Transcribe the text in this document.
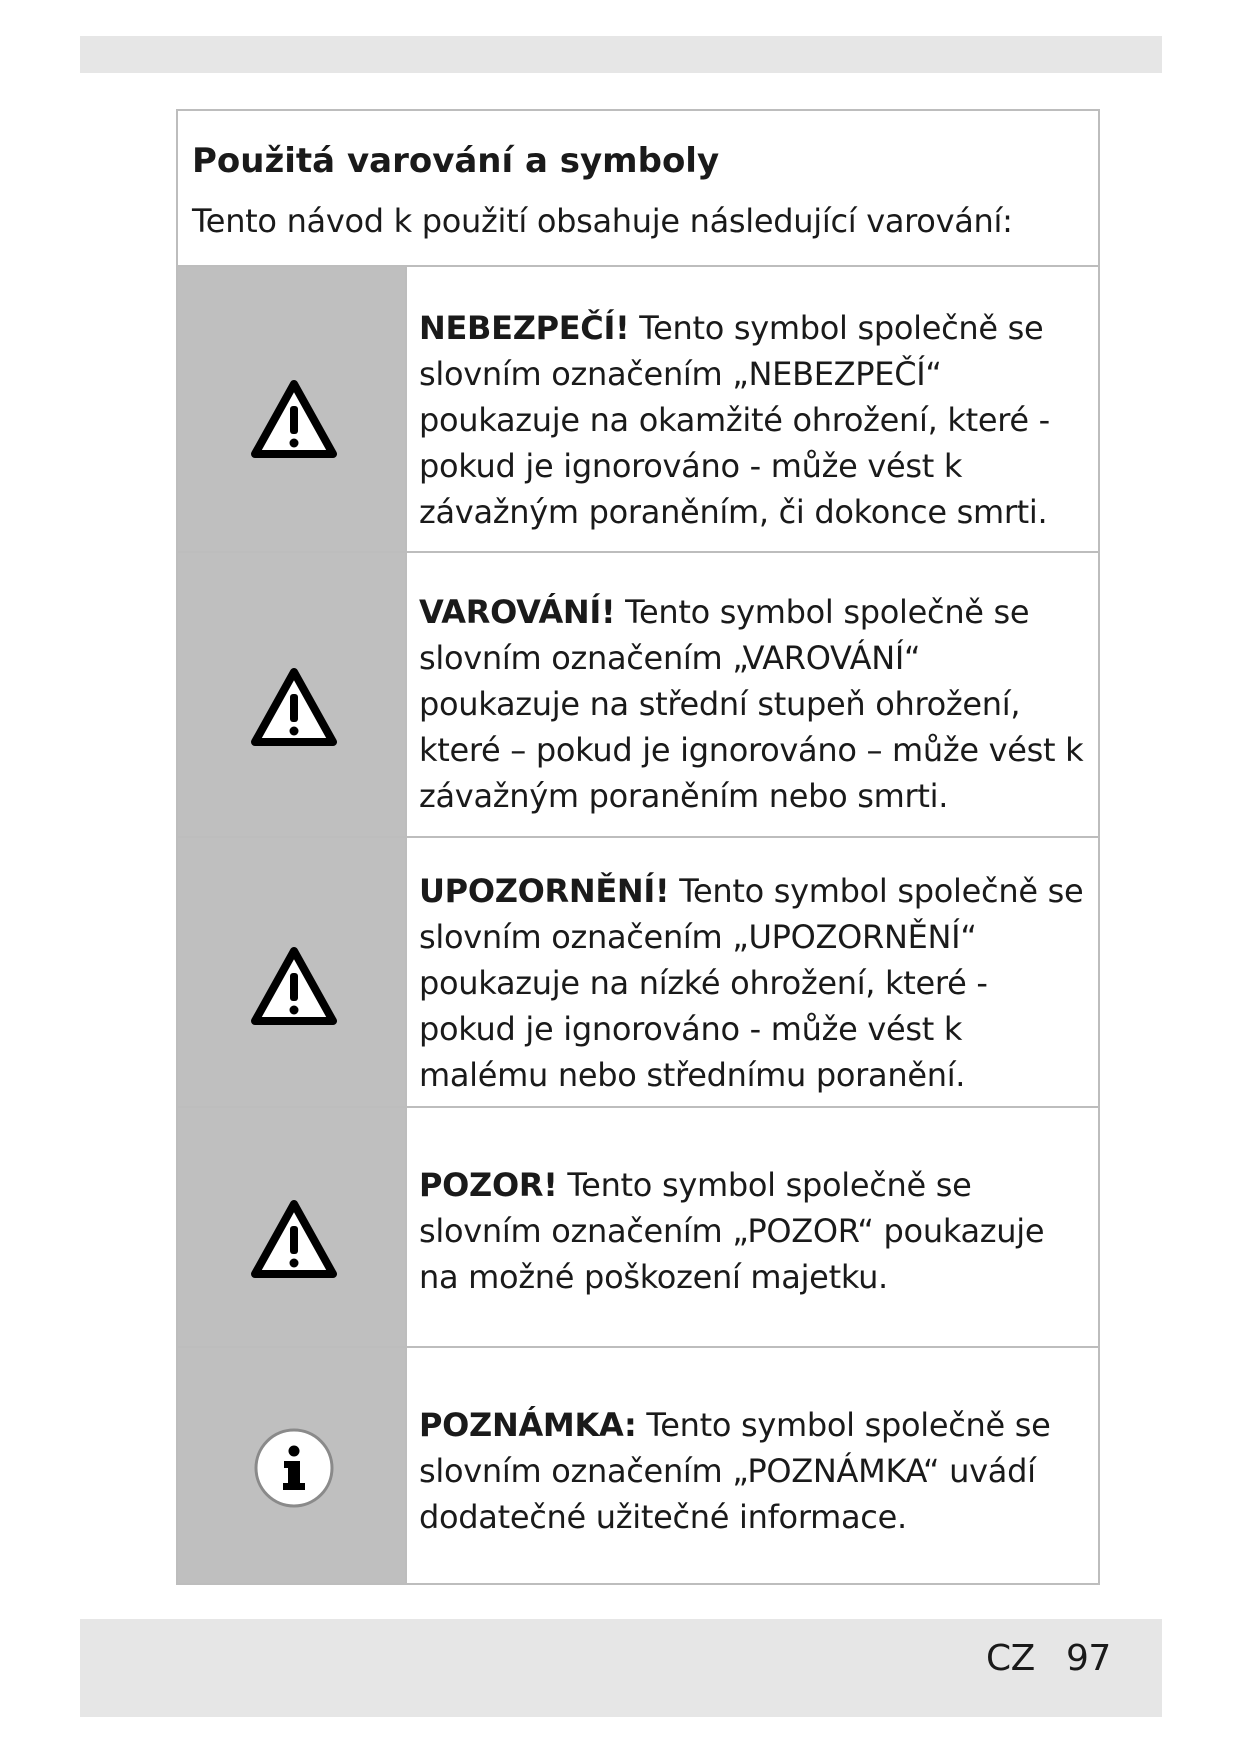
Použitá varování a symboly
Tento návod k použití obsahuje následující varování:
NEBEZPEČÍ! Tento symbol společně se slovním označením „NEBEZPEČÍ“ poukazuje na okamžité ohrožení, které - pokud je ignorováno - může vést k závažným poraněním, či dokonce smrti.
VAROVÁNÍ! Tento symbol společně se slovním označením „VAROVÁNÍ“ poukazuje na střední stupeň ohrožení, které – pokud je ignorováno – může vést k závažným poraněním nebo smrti.
UPOZORNĚNÍ! Tento symbol společně se slovním označením „UPOZORNĚNÍ“ poukazuje na nízké ohrožení, které - pokud je ignorováno - může vést k malému nebo střednímu poranění.
POZOR! Tento symbol společně se slovním označením „POZOR“ poukazuje na možné poškození majetku.
POZNÁMKA: Tento symbol společně se slovním označením „POZNÁMKA“ uvádí dodatečné užitečné informace.
CZ 97
